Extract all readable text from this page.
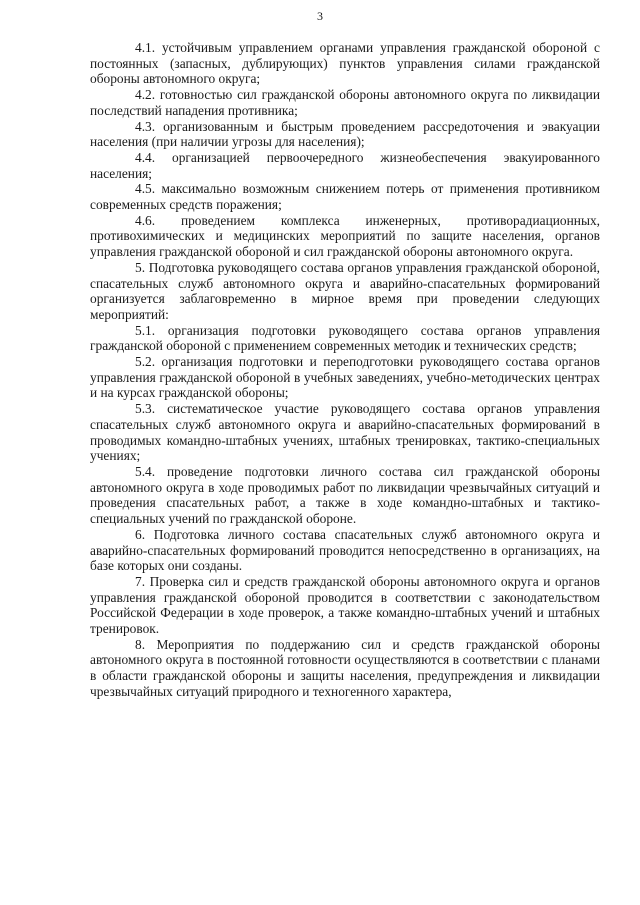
3

4.1. устойчивым управлением органами управления гражданской обороной с постоянных (запасных, дублирующих) пунктов управления силами гражданской обороны автономного округа;

4.2. готовностью сил гражданской обороны автономного округа по ликвидации последствий нападения противника;

4.3. организованным и быстрым проведением рассредоточения и эвакуации населения (при наличии угрозы для населения);

4.4. организацией первоочередного жизнеобеспечения эвакуированного населения;

4.5. максимально возможным снижением потерь от применения противником современных средств поражения;

4.6. проведением комплекса инженерных, противорадиационных, противохимических и медицинских мероприятий по защите населения, органов управления гражданской обороной и сил гражданской обороны автономного округа.

5. Подготовка руководящего состава органов управления гражданской обороной, спасательных служб автономного округа и аварийно-спасательных формирований организуется заблаговременно в мирное время при проведении следующих мероприятий:

5.1. организация подготовки руководящего состава органов управления гражданской обороной с применением современных методик и технических средств;

5.2. организация подготовки и переподготовки руководящего состава органов управления гражданской обороной в учебных заведениях, учебно-методических центрах и на курсах гражданской обороны;

5.3. систематическое участие руководящего состава органов управления спасательных служб автономного округа и аварийно-спасательных формирований в проводимых командно-штабных учениях, штабных тренировках, тактико-специальных учениях;

5.4. проведение подготовки личного состава сил гражданской обороны автономного округа в ходе проводимых работ по ликвидации чрезвычайных ситуаций и проведения спасательных работ, а также в ходе командно-штабных и тактико-специальных учений по гражданской обороне.

6. Подготовка личного состава спасательных служб автономного округа и аварийно-спасательных формирований проводится непосредственно в организациях, на базе которых они созданы.

7. Проверка сил и средств гражданской обороны автономного округа и органов управления гражданской обороной проводится в соответствии с законодательством Российской Федерации в ходе проверок, а также командно-штабных учений и штабных тренировок.

8. Мероприятия по поддержанию сил и средств гражданской обороны автономного округа в постоянной готовности осуществляются в соответствии с планами в области гражданской обороны и защиты населения, предупреждения и ликвидации чрезвычайных ситуаций природного и техногенного характера,
